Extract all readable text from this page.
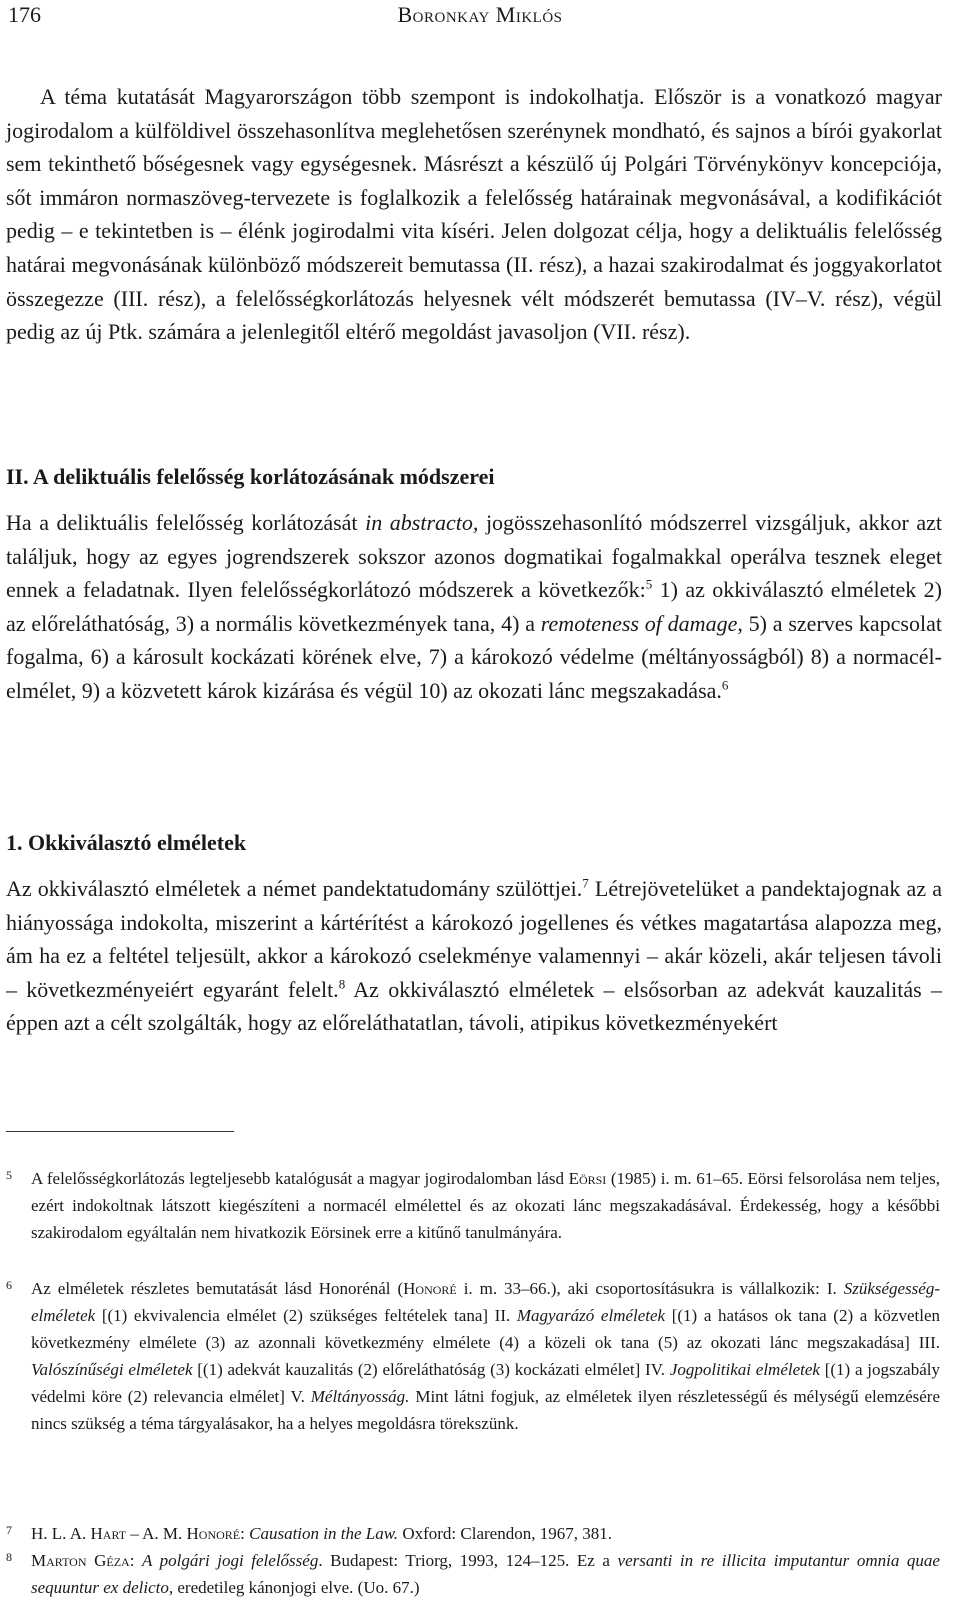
176	Boronkay Miklós

A téma kutatását Magyarországon több szempont is indokolhatja. Először is a vonatkozó magyar jogirodalom a külföldivel összehasonlítva meglehetősen szerénynek mondható, és sajnos a bírói gyakorlat sem tekinthető bőségesnek vagy egységesnek. Másrészt a készülő új Polgári Törvénykönyv koncepciója, sőt immáron normaszöveg-tervezete is foglalkozik a felelősség határainak megvonásával, a kodifikációt pedig – e tekintetben is – élénk jogirodalmi vita kíséri. Jelen dolgozat célja, hogy a deliktuális felelősség határai megvonásának különböző módszereit bemutassa (II. rész), a hazai szakirodalmat és joggyakorlatot összegezze (III. rész), a felelősségkorlátozás helyesnek vélt módszerét bemutassa (IV–V. rész), végül pedig az új Ptk. számára a jelenlegitől eltérő megoldást javasoljon (VII. rész).

II. A deliktuális felelősség korlátozásának módszerei

Ha a deliktuális felelősség korlátozását in abstracto, jogösszehasonlító módszerrel vizsgáljuk, akkor azt találjuk, hogy az egyes jogrendszerek sokszor azonos dogmatikai fogalmakkal operálva tesznek eleget ennek a feladatnak. Ilyen felelősségkorlátozó módszerek a következők:$^5$ 1) az okkiválasztó elméletek 2) az előreláthatóság, 3) a normális következmények tana, 4) a remoteness of damage, 5) a szerves kapcsolat fogalma, 6) a károsult kockázati körének elve, 7) a károkozó védelme (méltányosságból) 8) a normacél-elmélet, 9) a közvetett károk kizárása és végül 10) az okozati lánc megszakadása.$^6$

1. Okkiválasztó elméletek

Az okkiválasztó elméletek a német pandektatudomány szülöttjei.$^7$ Létrejövetelüket a pandektajognak az a hiányossága indokolta, miszerint a kártérítést a károkozó jogellenes és vétkes magatartása alapozza meg, ám ha ez a feltétel teljesült, akkor a károkozó cselekménye valamennyi – akár közeli, akár teljesen távoli – következményeiért egyaránt felelt.$^8$ Az okkiválasztó elméletek – elsősorban az adekvát kauzalitás – éppen azt a célt szolgálták, hogy az előreláthatatlan, távoli, atipikus következményekért

5	A felelősségkorlátozás legteljesebb katalógusát a magyar jogirodalomban lásd Eörsi (1985) i. m. 61–65. Eörsi felsorolása nem teljes, ezért indokoltnak látszott kiegészíteni a normacél elmélettel és az okozati lánc megszakadásával. Érdekesség, hogy a későbbi szakirodalom egyáltalán nem hivatkozik Eörsinek erre a kitűnő tanulmányára.

6	Az elméletek részletes bemutatását lásd Honorénál (Honoré i. m. 33–66.), aki csoportosításukra is vállalkozik: I. Szükségesség-elméletek [(1) ekvivalencia elmélet (2) szükséges feltételek tana] II. Magyarázó elméletek [(1) a hatásos ok tana (2) a közvetlen következmény elmélete (3) az azonnali következmény elmélete (4) a közeli ok tana (5) az okozati lánc megszakadása] III. Valószínűségi elméletek [(1) adekvát kauzalitás (2) előreláthatóság (3) kockázati elmélet] IV. Jogpolitikai elméletek [(1) a jogszabály védelmi köre (2) relevancia elmélet] V. Méltányosság. Mint látni fogjuk, az elméletek ilyen részletességű és mélységű elemzésére nincs szükség a téma tárgyalásakor, ha a helyes megoldásra törekszünk.

7	H. L. A. Hart – A. M. Honoré: Causation in the Law. Oxford: Clarendon, 1967, 381.

8	Marton Géza: A polgári jogi felelősség. Budapest: Triorg, 1993, 124–125. Ez a versanti in re illicita imputantur omnia quae sequuntur ex delicto, eredetileg kánonjogi elve. (Uo. 67.)
